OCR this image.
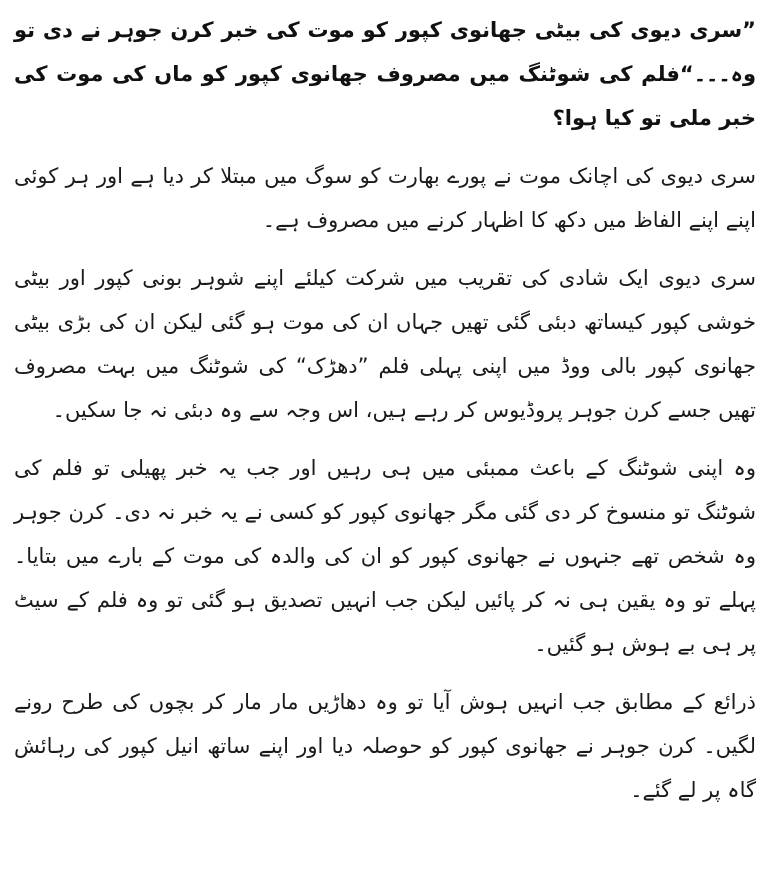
”سری دیوی کی بیٹی جھانوی کپور کو موت کی خبر کرن جوہر نے دی تو وہ۔۔۔“فلم کی شوٹنگ میں مصروف جھانوی کپور کو ماں کی موت کی خبر ملی تو کیا ہوا؟

سری دیوی کی اچانک موت نے پورے بھارت کو سوگ میں مبتلا کر دیا ہے اور ہر کوئی اپنے اپنے الفاظ میں دکھ کا اظہار کرنے میں مصروف ہے۔

سری دیوی ایک شادی کی تقریب میں شرکت کیلئے اپنے شوہر بونی کپور اور بیٹی خوشی کپور کیساتھ دبئی گئی تھیں جہاں ان کی موت ہو گئی لیکن ان کی بڑی بیٹی جھانوی کپور بالی ووڈ میں اپنی پہلی فلم ”دھڑک“ کی شوٹنگ میں بہت مصروف تھیں جسے کرن جوہر پروڈیوس کر رہے ہیں، اس وجہ سے وہ دبئی نہ جا سکیں۔

وہ اپنی شوٹنگ کے باعث ممبئی میں ہی رہیں اور جب یہ خبر پھیلی تو فلم کی شوٹنگ تو منسوخ کر دی گئی مگر جھانوی کپور کو کسی نے یہ خبر نہ دی۔ کرن جوہر وہ شخص تھے جنہوں نے جھانوی کپور کو ان کی والدہ کی موت کے بارے میں بتایا۔ پہلے تو وہ یقین ہی نہ کر پائیں لیکن جب انہیں تصدیق ہو گئی تو وہ فلم کے سیٹ پر ہی بے ہوش ہو گئیں۔

ذرائع کے مطابق جب انہیں ہوش آیا تو وہ دھاڑیں مار مار کر بچوں کی طرح رونے لگیں۔ کرن جوہر نے جھانوی کپور کو حوصلہ دیا اور اپنے ساتھ انیل کپور کی رہائش گاہ پر لے گئے۔
